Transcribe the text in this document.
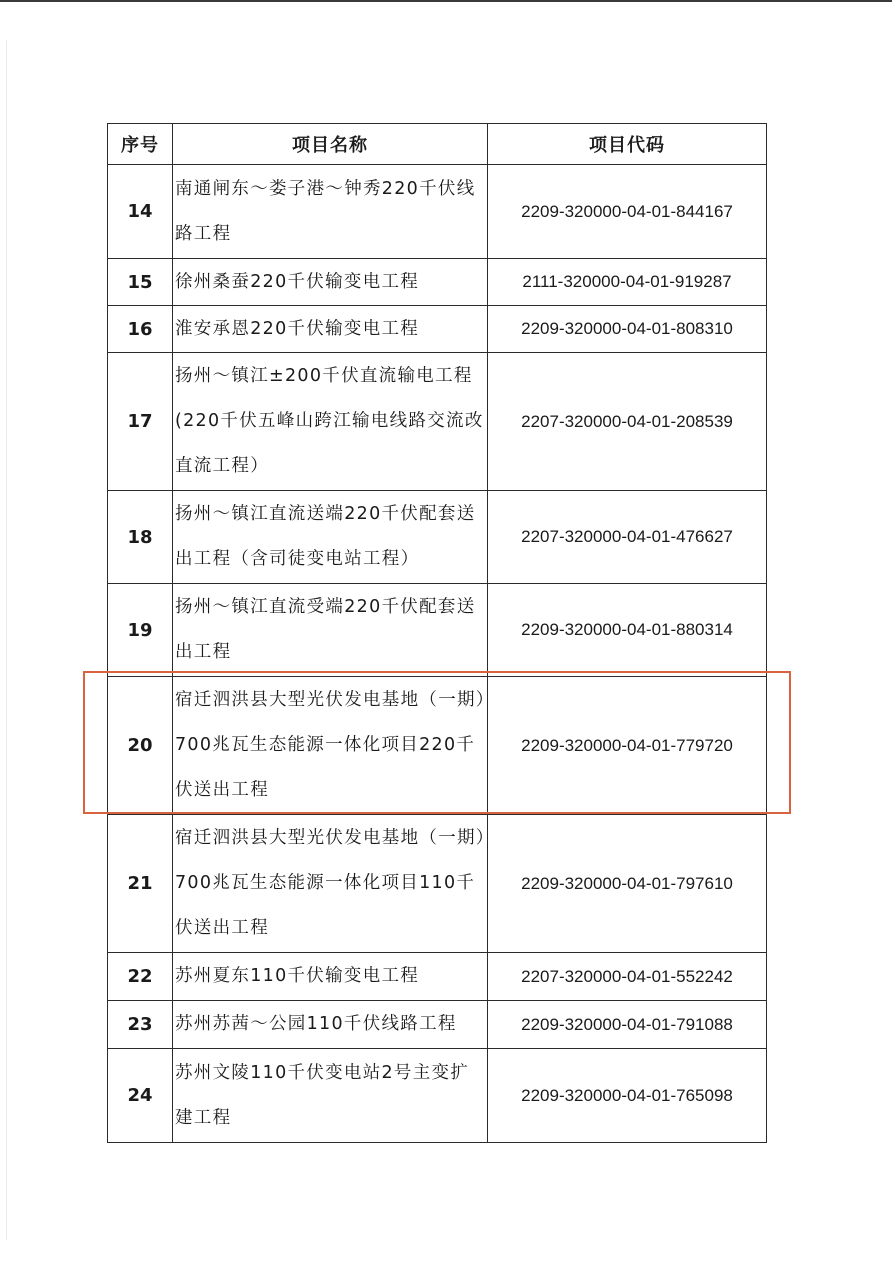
序号	项目名称	项目代码
14	南通闸东～娄子港～钟秀220千伏线路工程	2209-320000-04-01-844167
15	徐州桑蚕220千伏输变电工程	2111-320000-04-01-919287
16	淮安承恩220千伏输变电工程	2209-320000-04-01-808310
17	扬州～镇江±200千伏直流输电工程(220千伏五峰山跨江输电线路交流改直流工程）	2207-320000-04-01-208539
18	扬州～镇江直流送端220千伏配套送出工程（含司徒变电站工程）	2207-320000-04-01-476627
19	扬州～镇江直流受端220千伏配套送出工程	2209-320000-04-01-880314
20	宿迁泗洪县大型光伏发电基地（一期）700兆瓦生态能源一体化项目220千伏送出工程	2209-320000-04-01-779720
21	宿迁泗洪县大型光伏发电基地（一期）700兆瓦生态能源一体化项目110千伏送出工程	2209-320000-04-01-797610
22	苏州夏东110千伏输变电工程	2207-320000-04-01-552242
23	苏州苏茜～公园110千伏线路工程	2209-320000-04-01-791088
24	苏州文陵110千伏变电站2号主变扩建工程	2209-320000-04-01-765098
